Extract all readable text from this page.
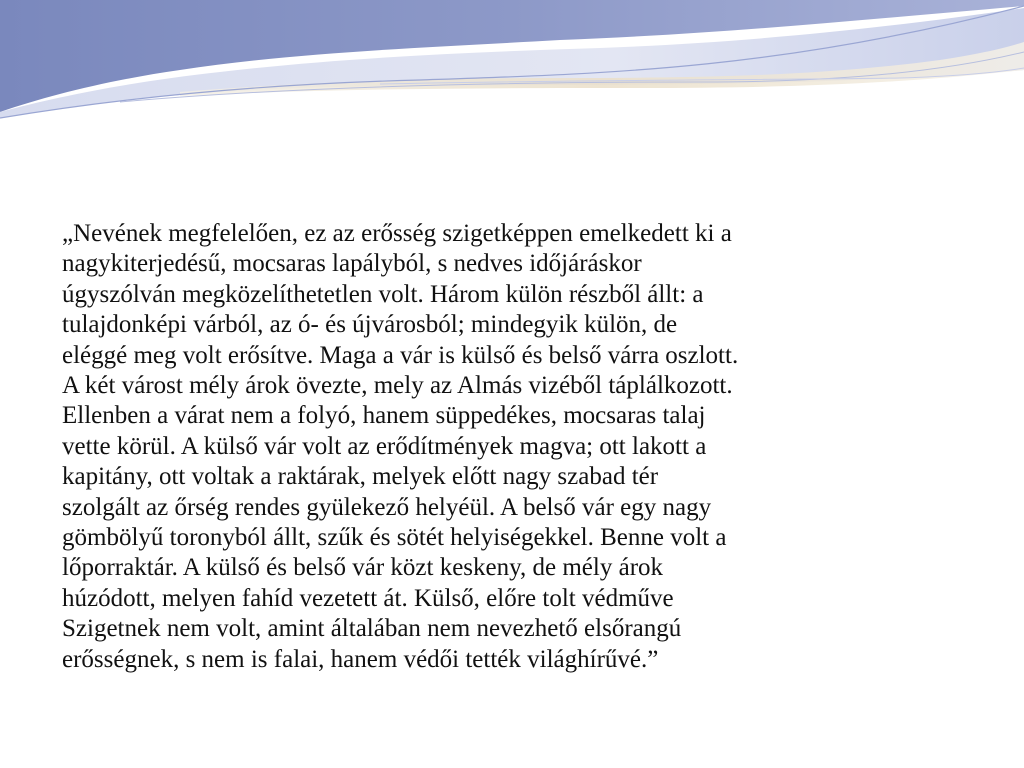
„Nevének megfelelően, ez az erősség szigetképpen emelkedett ki a
nagykiterjedésű, mocsaras lapályból, s nedves időjáráskor
úgyszólván megközelíthetetlen volt. Három külön részből állt: a
tulajdonképi várból, az ó- és újvárosból; mindegyik külön, de
eléggé meg volt erősítve. Maga a vár is külső és belső várra oszlott.
A két várost mély árok övezte, mely az Almás vizéből táplálkozott.
Ellenben a várat nem a folyó, hanem süppedékes, mocsaras talaj
vette körül. A külső vár volt az erődítmények magva; ott lakott a
kapitány, ott voltak a raktárak, melyek előtt nagy szabad tér
szolgált az őrség rendes gyülekező helyéül. A belső vár egy nagy
gömbölyű toronyból állt, szűk és sötét helyiségekkel. Benne volt a
lőporraktár. A külső és belső vár közt keskeny, de mély árok
húzódott, melyen fahíd vezetett át. Külső, előre tolt védműve
Szigetnek nem volt, amint általában nem nevezhető elsőrangú
erősségnek, s nem is falai, hanem védői tették világhírűvé.”
